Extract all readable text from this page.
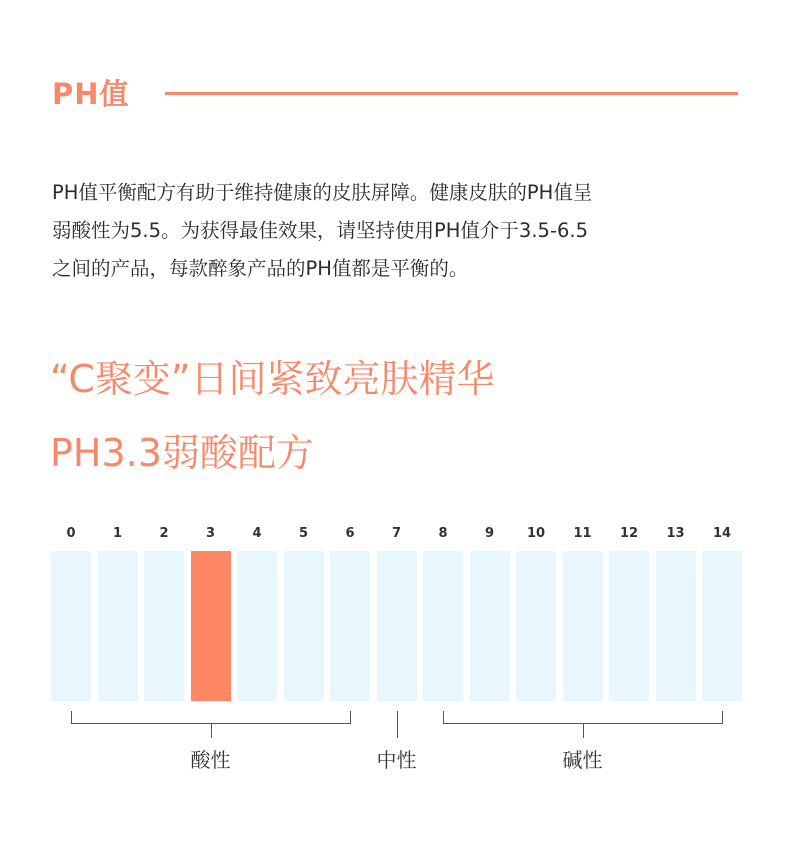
PH值
PH值平衡配方有助于维持健康的皮肤屏障。健康皮肤的PH值呈
弱酸性为5.5。为获得最佳效果，请坚持使用PH值介于3.5-6.5
之间的产品，每款醉象产品的PH值都是平衡的。
“C聚变”日间紧致亮肤精华
PH3.3弱酸配方
0	1	2	3	4	5	6	7	8	9	10	11	12	13	14
酸性	中性	碱性
